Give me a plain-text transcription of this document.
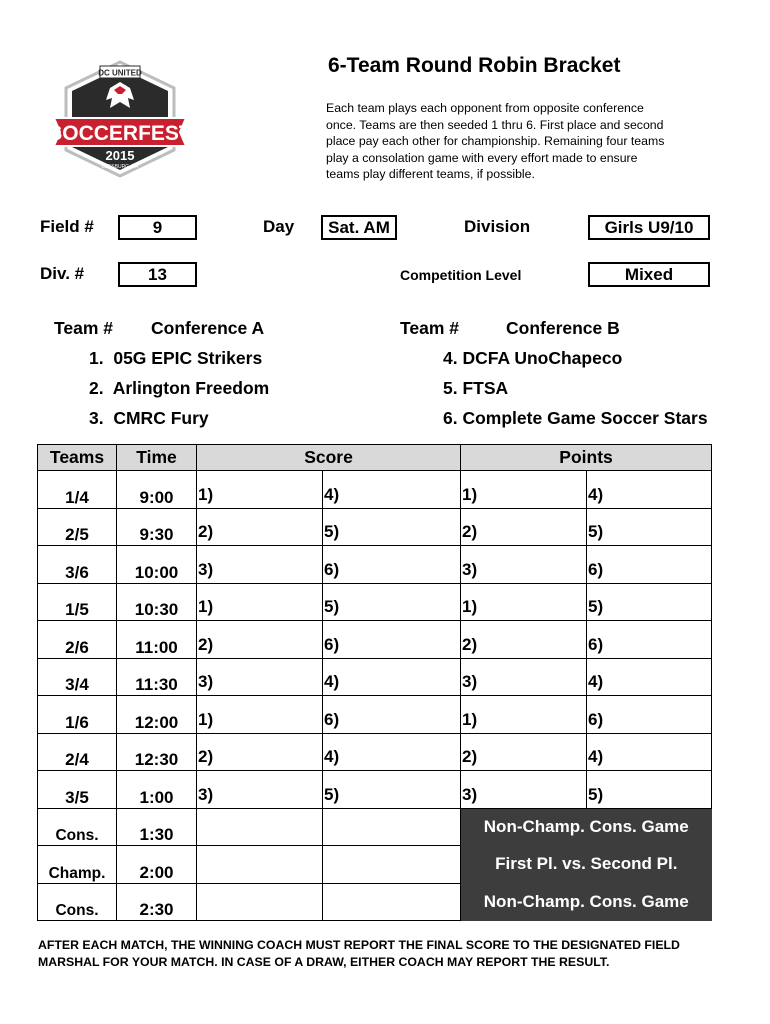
DC UNITED
SOCCERFEST
2015
LEESBURG, VA
6-Team Round Robin Bracket
Each team plays each opponent from opposite conference once. Teams are then seeded 1 thru 6. First place and second place pay each other for championship. Remaining four teams play a consolation game with every effort made to ensure teams play different teams, if possible.
Field #	9	Day	Sat. AM	Division	Girls U9/10
Div. #	13	Competition Level	Mixed
Team # Conference A	Team #	Conference B
1. 05G EPIC Strikers
2. Arlington Freedom
3. CMRC Fury
4. DCFA UnoChapeco
5. FTSA
6. Complete Game Soccer Stars
Teams	Time	Score		Points	
1/4	9:00	1)	4)	1)	4)
2/5	9:30	2)	5)	2)	5)
3/6	10:00	3)	6)	3)	6)
1/5	10:30	1)	5)	1)	5)
2/6	11:00	2)	6)	2)	6)
3/4	11:30	3)	4)	3)	4)
1/6	12:00	1)	6)	1)	6)
2/4	12:30	2)	4)	2)	4)
3/5	1:00	3)	5)	3)	5)
Cons.	1:30			Non-Champ. Cons. Game	
Champ.	2:00			First Pl. vs. Second Pl.	
Cons.	2:30			Non-Champ. Cons. Game	
AFTER EACH MATCH, THE WINNING COACH MUST REPORT THE FINAL SCORE TO THE DESIGNATED FIELD MARSHAL FOR YOUR MATCH. IN CASE OF A DRAW, EITHER COACH MAY REPORT THE RESULT.
